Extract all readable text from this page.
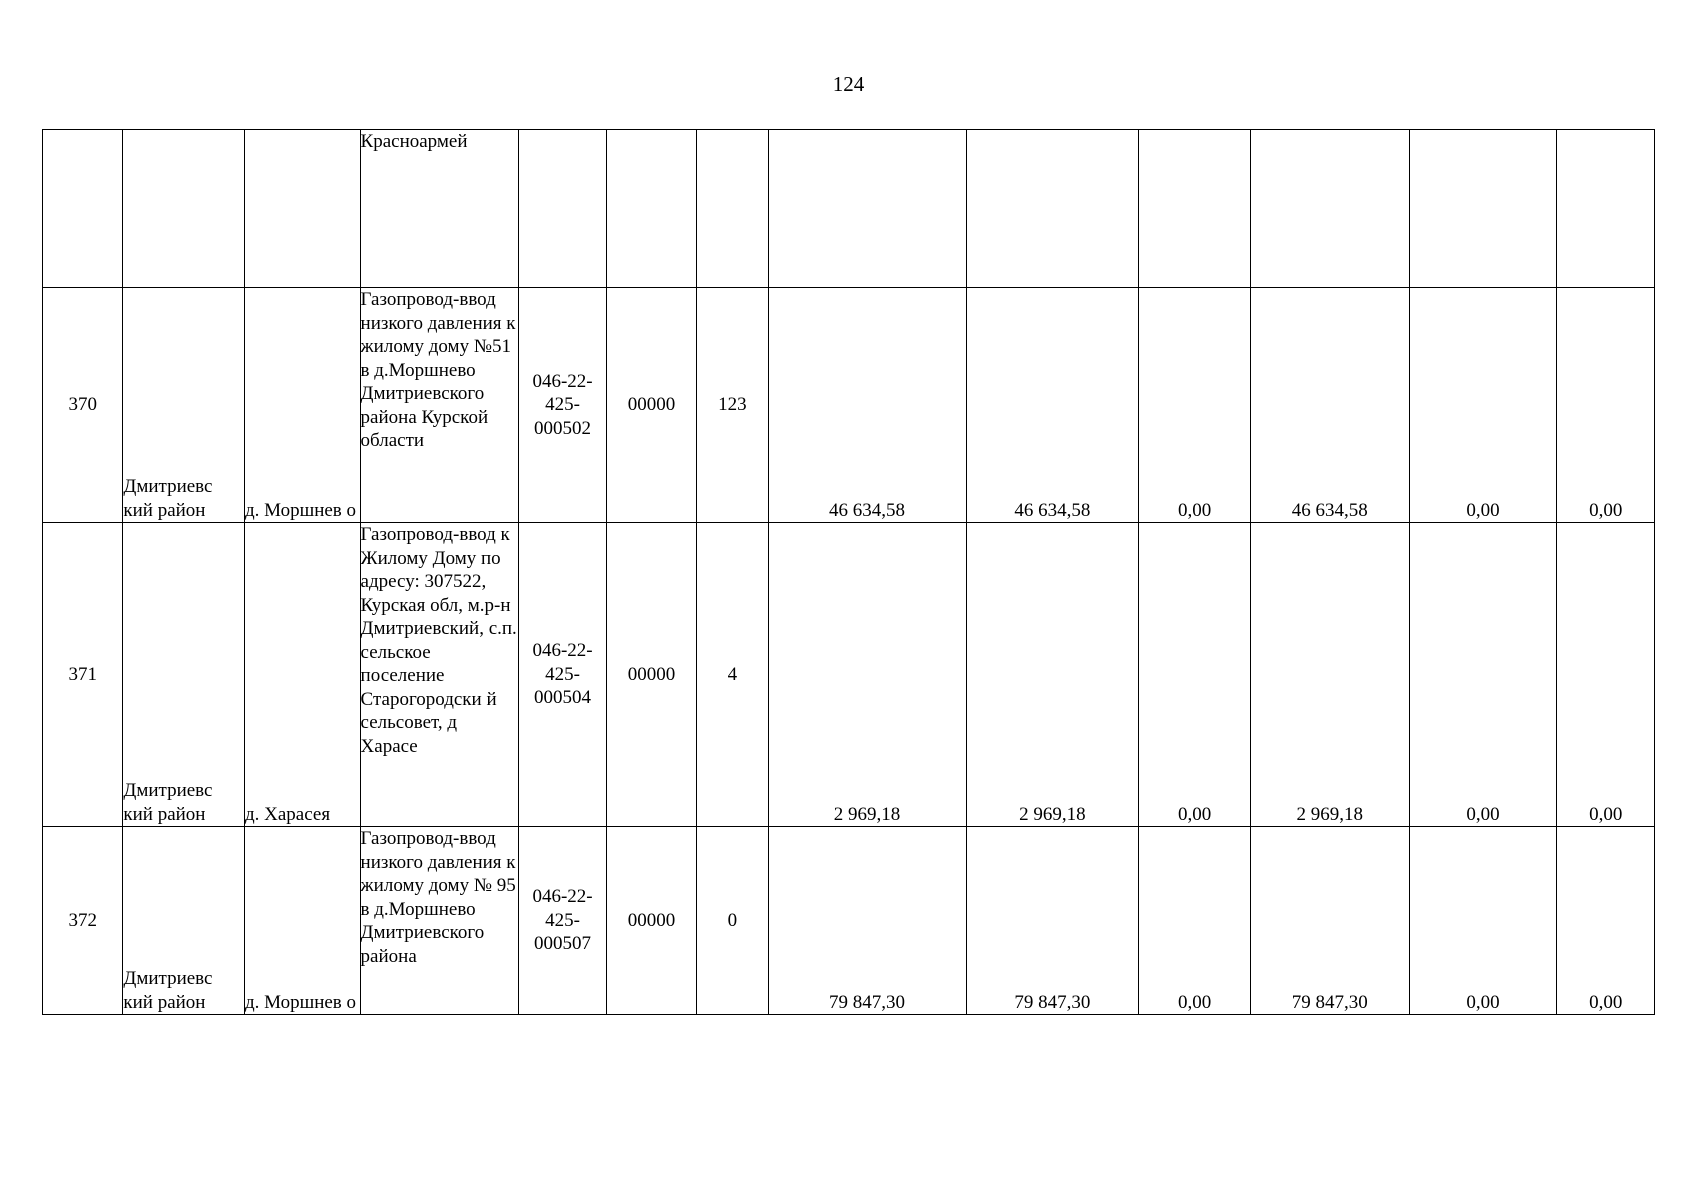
124

			Красноармей									

370	Дмитриевс кий район	д. Моршнев о	Газопровод-ввод низкого давления к жилому дому №51 в д.Моршнево Дмитриевского района Курской области	046-22-425-000502	00000	123	46 634,58	46 634,58	0,00	46 634,58	0,00	0,00
371	Дмитриевс кий район	д. Харасея	Газопровод-ввод к Жилому Дому по адресу: 307522, Курская обл, м.р-н Дмитриевский, с.п. сельское поселение Старогородски й сельсовет, д Харасе	046-22-425-000504	00000	4	2 969,18	2 969,18	0,00	2 969,18	0,00	0,00
372	Дмитриевс кий район	д. Моршнев о	Газопровод-ввод низкого давления к жилому дому № 95 в д.Моршнево Дмитриевского района	046-22-425-000507	00000	0	79 847,30	79 847,30	0,00	79 847,30	0,00	0,00
